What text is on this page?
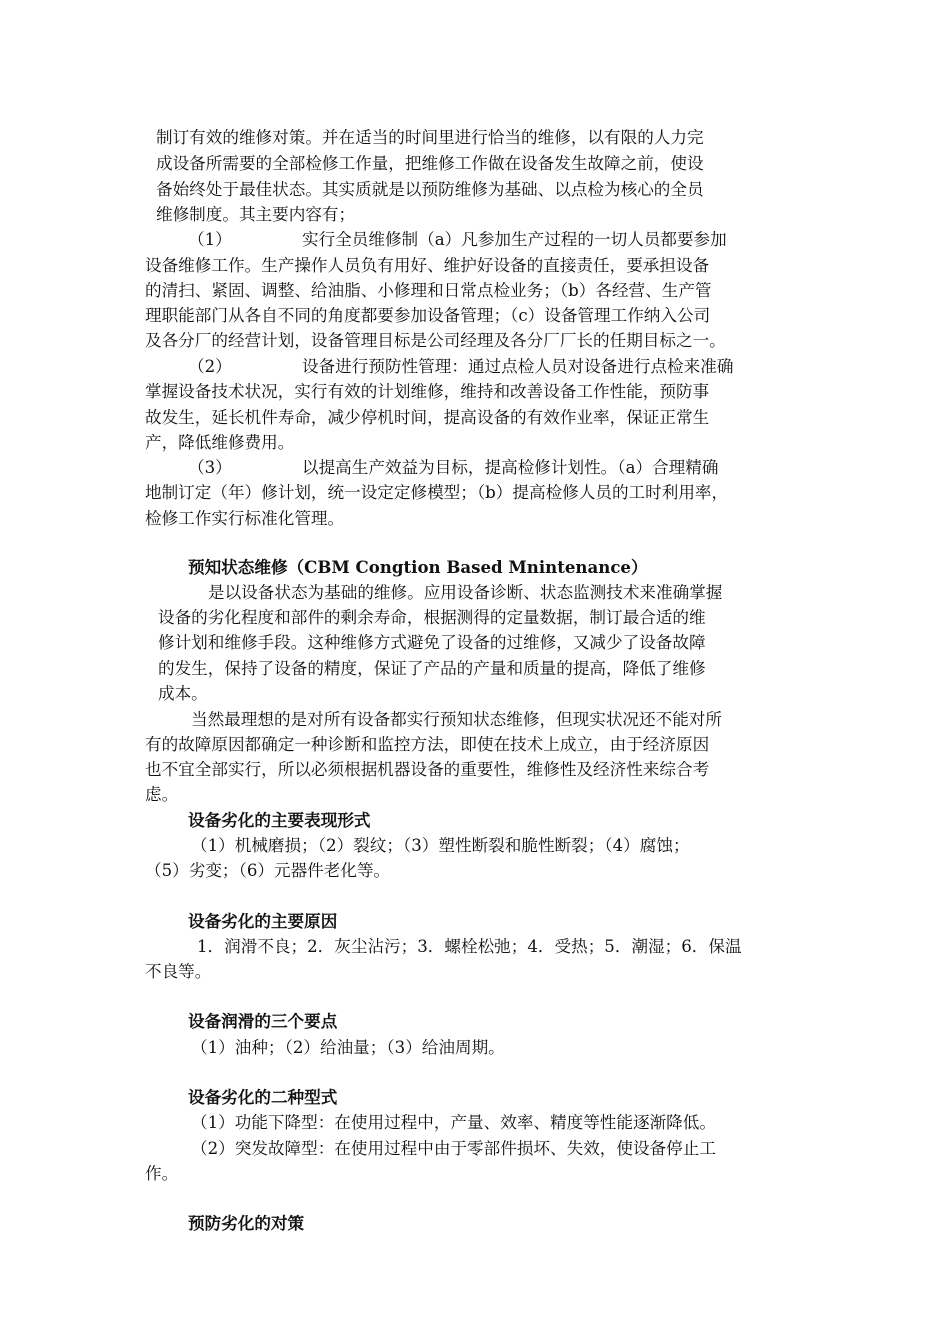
制订有效的维修对策。并在适当的时间里进行恰当的维修，以有限的人力完
成设备所需要的全部检修工作量，把维修工作做在设备发生故障之前，使设
备始终处于最佳状态。其实质就是以预防维修为基础、以点检为核心的全员
维修制度。其主要内容有；
（1）	实行全员维修制（a）凡参加生产过程的一切人员都要参加
设备维修工作。生产操作人员负有用好、维护好设备的直接责任，要承担设备
的清扫、紧固、调整、给油脂、小修理和日常点检业务；（b）各经营、生产管
理职能部门从各自不同的角度都要参加设备管理；（c）设备管理工作纳入公司
及各分厂的经营计划，设备管理目标是公司经理及各分厂厂长的任期目标之一。
（2）	设备进行预防性管理：通过点检人员对设备进行点检来准确
掌握设备技术状况，实行有效的计划维修，维持和改善设备工作性能，预防事
故发生，延长机件寿命，减少停机时间，提高设备的有效作业率，保证正常生
产，降低维修费用。
（3）	以提高生产效益为目标，提高检修计划性。（a）合理精确
地制订定（年）修计划，统一设定定修模型；（b）提高检修人员的工时利用率，
检修工作实行标准化管理。
预知状态维修（CBM Congtion Based Mnintenance）
是以设备状态为基础的维修。应用设备诊断、状态监测技术来准确掌握
设备的劣化程度和部件的剩余寿命，根据测得的定量数据，制订最合适的维
修计划和维修手段。这种维修方式避免了设备的过维修，又减少了设备故障
的发生，保持了设备的精度，保证了产品的产量和质量的提高，降低了维修
成本。
当然最理想的是对所有设备都实行预知状态维修，但现实状况还不能对所
有的故障原因都确定一种诊断和监控方法，即使在技术上成立，由于经济原因
也不宜全部实行，所以必须根据机器设备的重要性，维修性及经济性来综合考
虑。
设备劣化的主要表现形式
（1）机械磨损；（2）裂纹；（3）塑性断裂和脆性断裂；（4）腐蚀；
（5）劣变；（6）元器件老化等。
设备劣化的主要原因
1．润滑不良；2．灰尘沾污；3．螺栓松弛；4．受热；5．潮湿；6．保温
不良等。
设备润滑的三个要点
（1）油种；（2）给油量；（3）给油周期。
设备劣化的二种型式
（1）功能下降型：在使用过程中，产量、效率、精度等性能逐渐降低。
（2）突发故障型：在使用过程中由于零部件损坏、失效，使设备停止工
作。
预防劣化的对策
